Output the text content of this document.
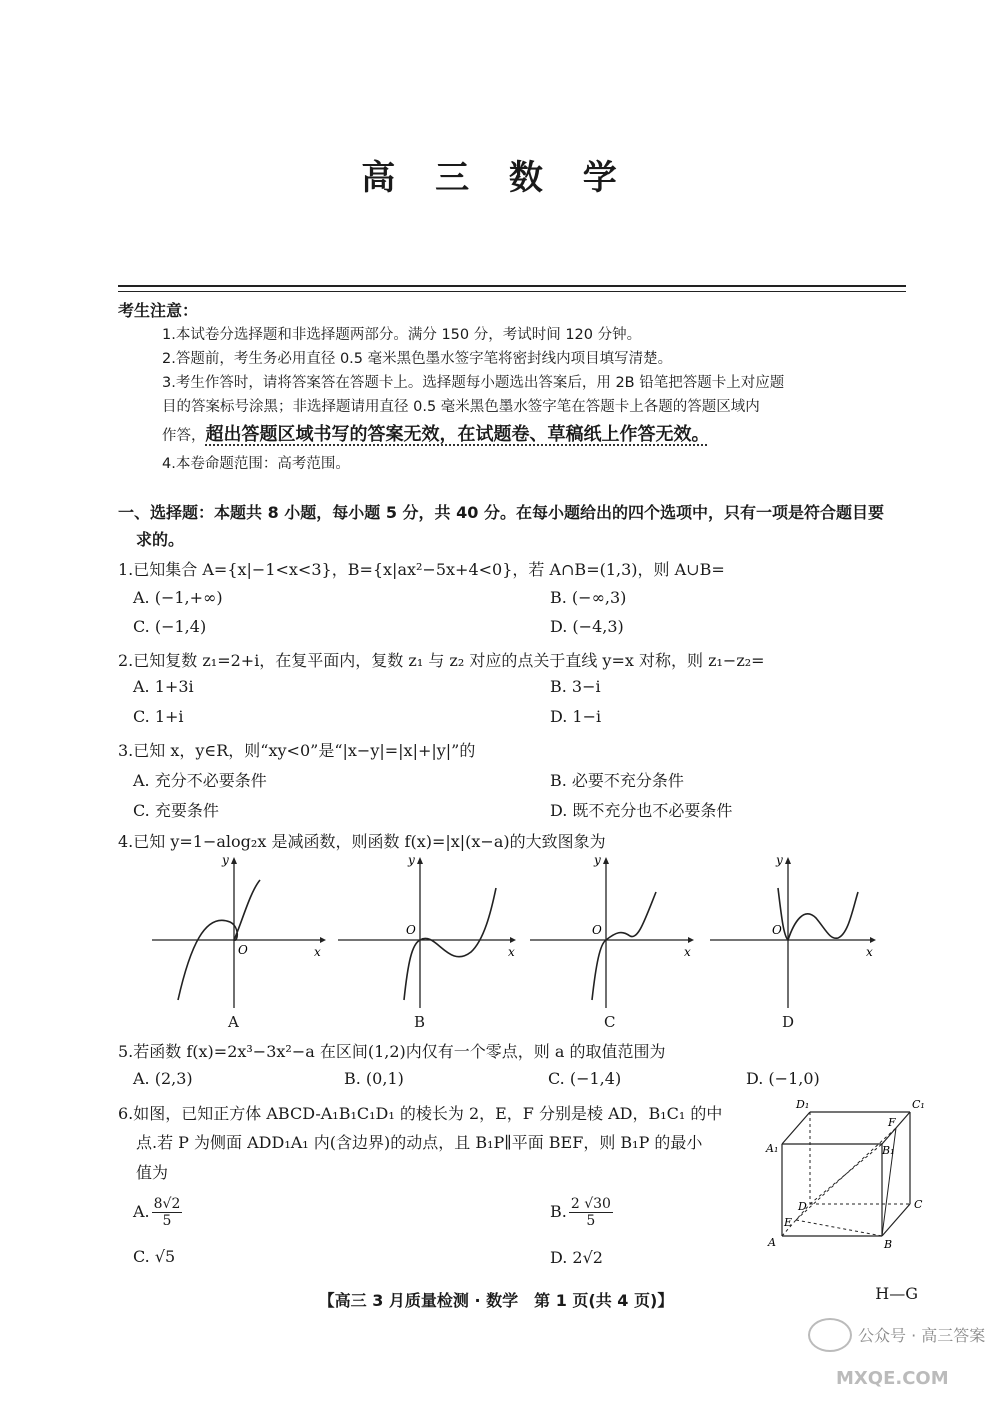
高 三 数 学
考生注意：
1.本试卷分选择题和非选择题两部分。满分 150 分，考试时间 120 分钟。
2.答题前，考生务必用直径 0.5 毫米黑色墨水签字笔将密封线内项目填写清楚。
3.考生作答时，请将答案答在答题卡上。选择题每小题选出答案后，用 2B 铅笔把答题卡上对应题
目的答案标号涂黑；非选择题请用直径 0.5 毫米黑色墨水签字笔在答题卡上各题的答题区域内
作答，超出答题区域书写的答案无效，在试题卷、草稿纸上作答无效。
4.本卷命题范围：高考范围。
一、选择题：本题共 8 小题，每小题 5 分，共 40 分。在每小题给出的四个选项中，只有一项是符合题目要
求的。
1.已知集合 A={x|−1<x<3}，B={x|ax²−5x+4<0}，若 A∩B=(1,3)，则 A∪B=
A. (−1,+∞)	B. (−∞,3)
C. (−1,4)	D. (−4,3)
2.已知复数 z₁=2+i，在复平面内，复数 z₁ 与 z₂ 对应的点关于直线 y=x 对称，则 z₁−z₂=
A. 1+3i	B. 3−i
C. 1+i	D. 1−i
3.已知 x，y∈R，则“xy<0”是“|x−y|=|x|+|y|”的
A. 充分不必要条件	B. 必要不充分条件
C. 充要条件	D. 既不充分也不必要条件
4.已知 y=1−alog₂x 是减函数，则函数 f(x)=|x|(x−a)的大致图象为
y
x
O
A
y
x
O
B
y
x
O
C
y
x
O
D
5.若函数 f(x)=2x³−3x²−a 在区间(1,2)内仅有一个零点，则 a 的取值范围为
A. (2,3)	B. (0,1)	C. (−1,4)	D. (−1,0)
6.如图，已知正方体 ABCD-A₁B₁C₁D₁ 的棱长为 2，E，F 分别是棱 AD，B₁C₁ 的中
点.若 P 为侧面 ADD₁A₁ 内(含边界)的动点，且 B₁P∥平面 BEF，则 B₁P 的最小
值为
A. $\frac{8√2}{5}$	B. $\frac{2 √30}{5}$
C. √5	D. 2√2
D₁	C₁
A₁	B₁
F
D	C
E
A	B
【高三 3 月质量检测 · 数学　第 1 页(共 4 页)】	H—G
公众号 · 高三答案
MXQE.COM
